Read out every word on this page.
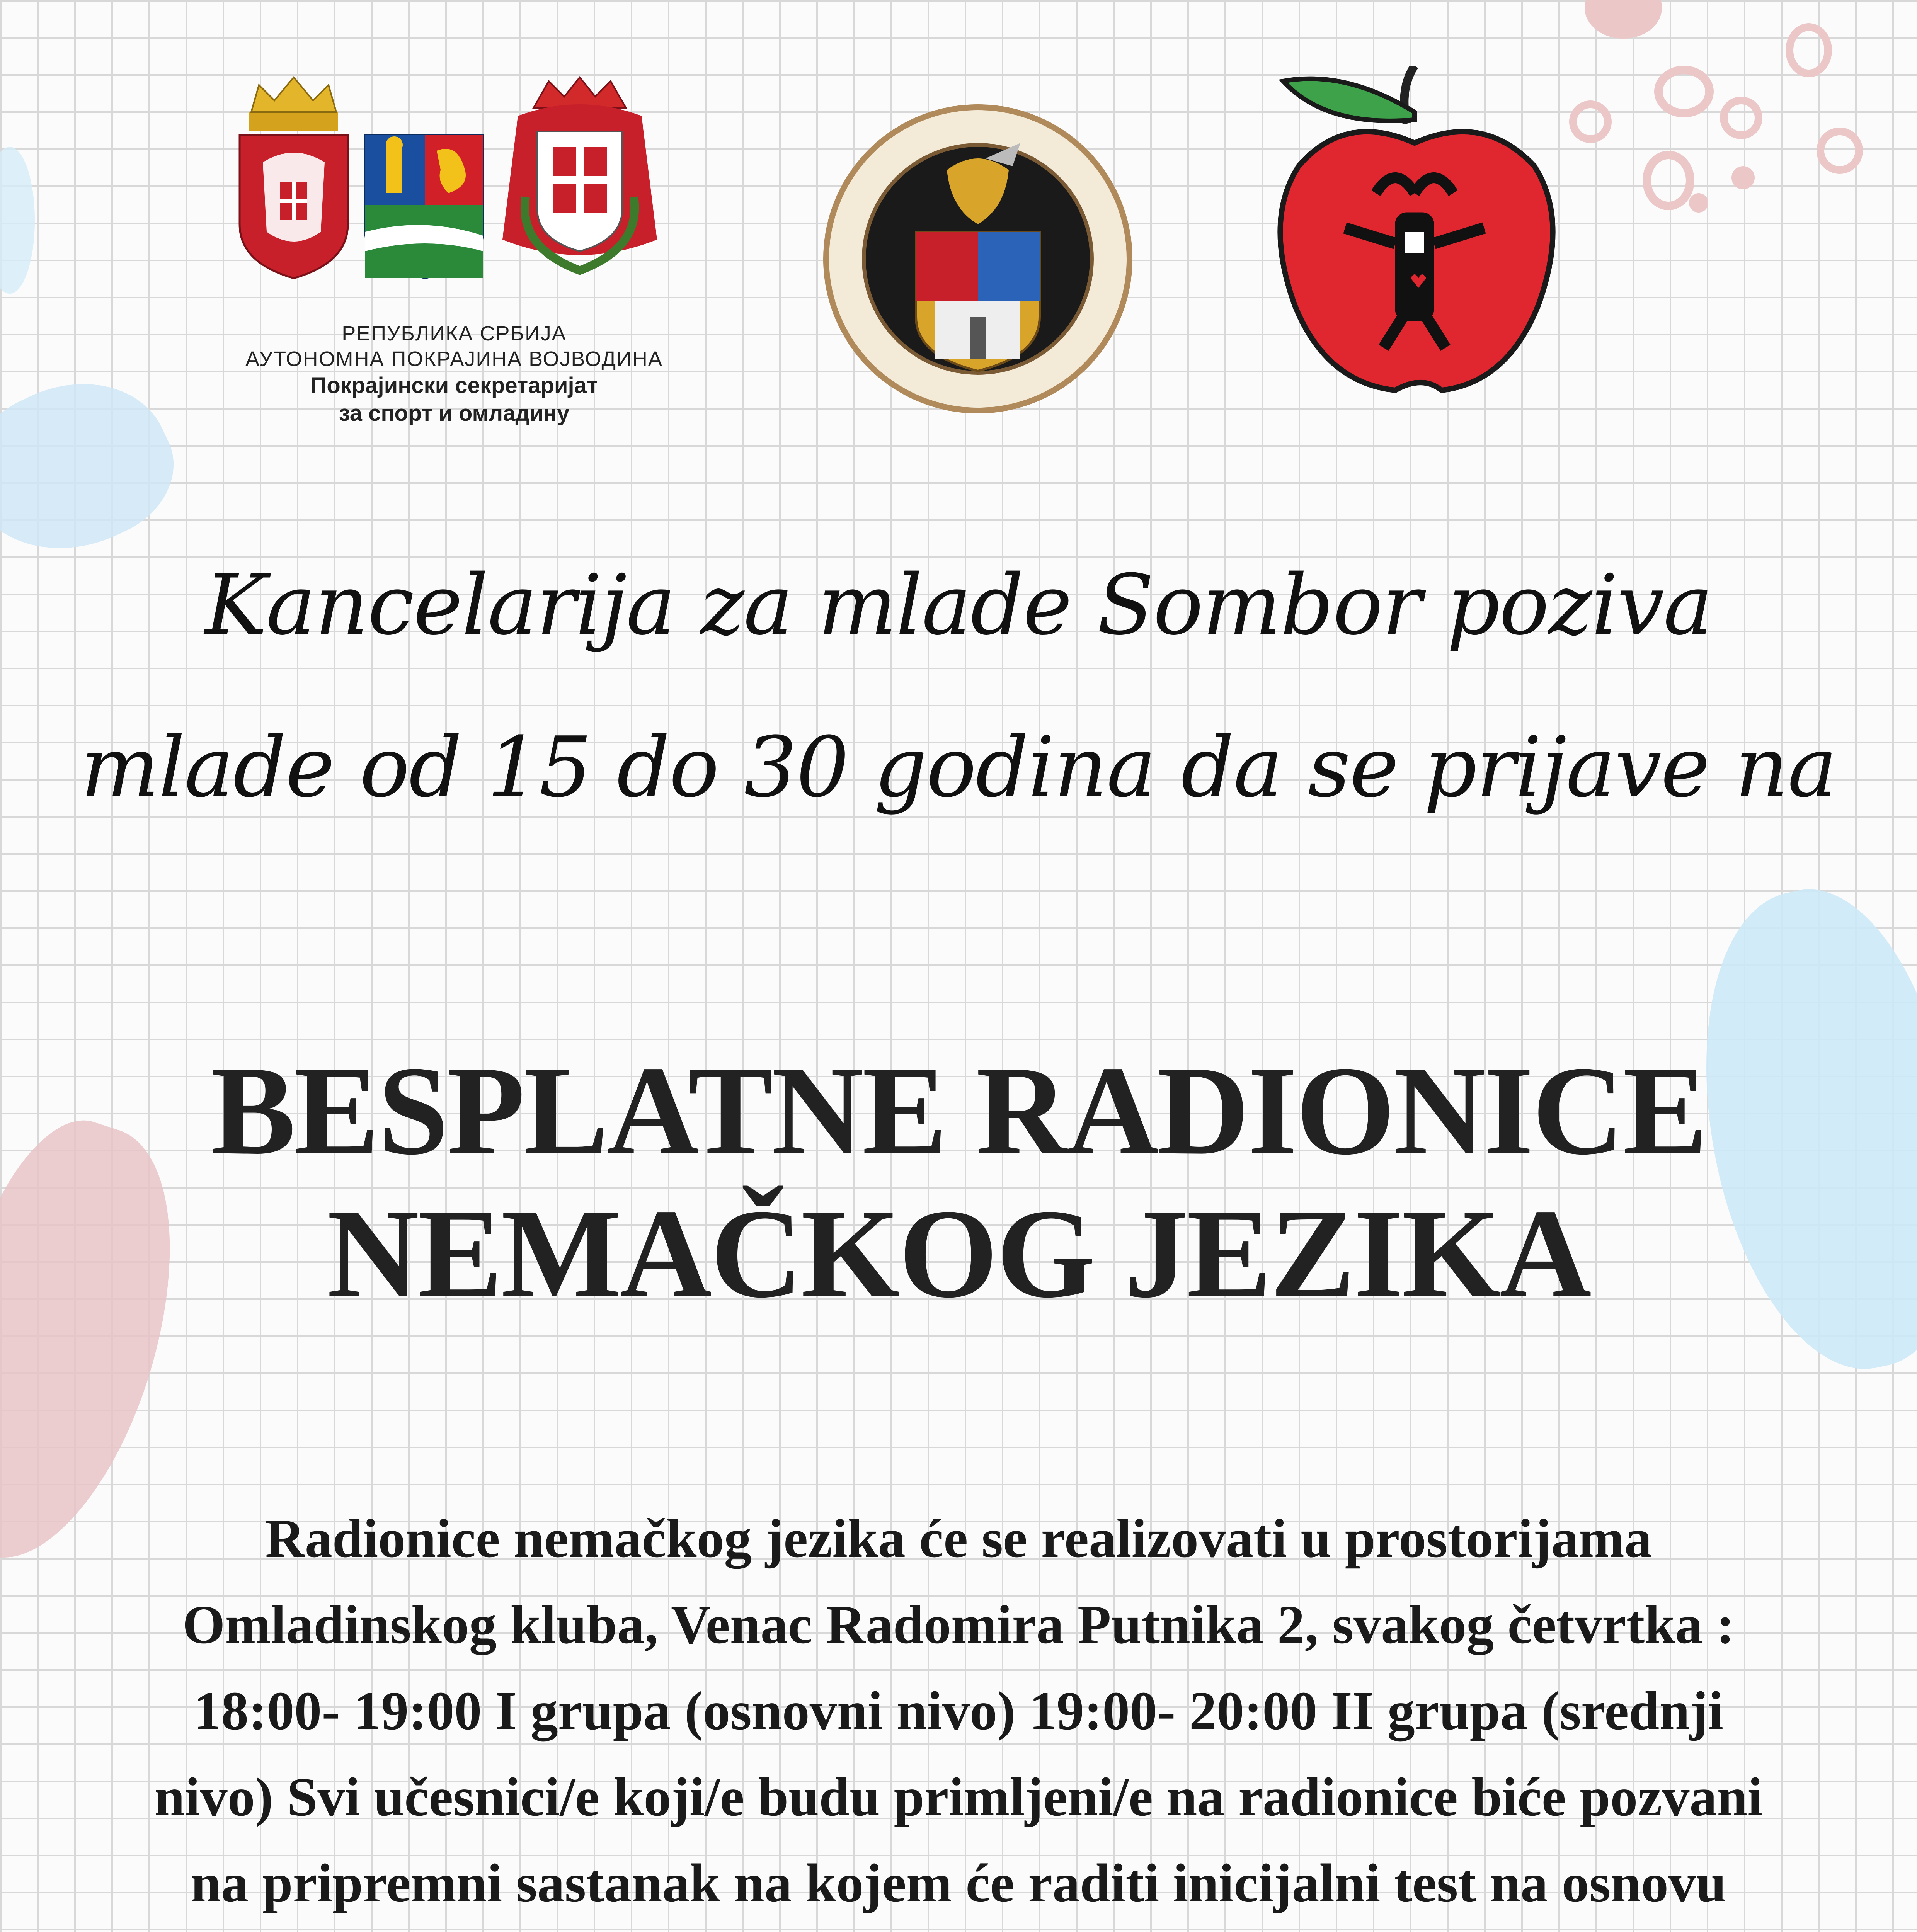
РЕПУБЛИКА СРБИЈА
АУТОНОМНА ПОКРАЈИНА ВОЈВОДИНА
Покрајински секретаријат
за спорт и омладину
Kancelarija za mlade Sombor poziva
mlade od 15 do 30 godina da se prijave na
BESPLATNE RADIONICE
NEMAČKOG JEZIKA
Radionice nemačkog jezika će se realizovati u prostorijama
Omladinskog kluba, Venac Radomira Putnika 2, svakog četvrtka :
18:00- 19:00 I grupa (osnovni nivo) 19:00- 20:00 II grupa (srednji
nivo) Svi učesnici/e koji/e budu primljeni/e na radionice biće pozvani
na pripremni sastanak na kojem će raditi inicijalni test na osnovu
